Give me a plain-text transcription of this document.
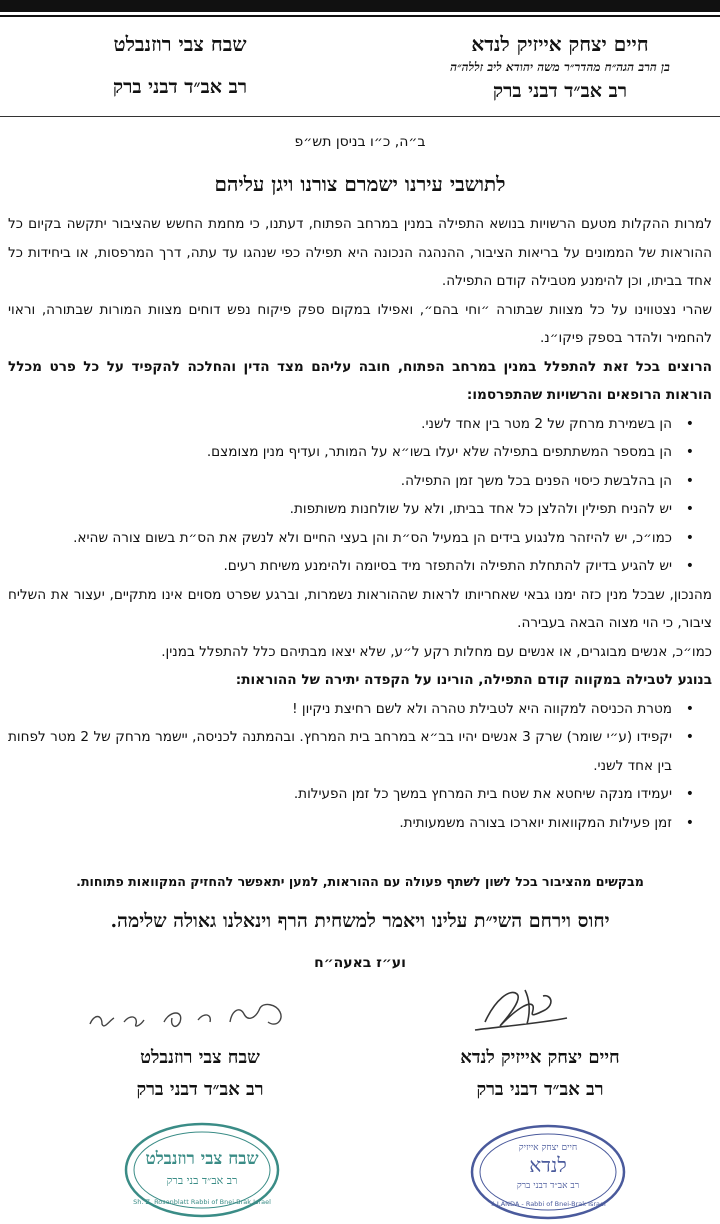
חיים יצחק אייזיק לנדא
בן הרב הגה״ח מהדר״ר משה יהודא ליב זללה״ה
רב אב״ד דבני ברק
שבח צבי רוזנבלט
רב אב״ד דבני ברק
ב״ה, כ״ו בניסן תש״פ
לתושבי עירנו ישמרם צורנו ויגן עליהם

למרות ההקלות מטעם הרשויות בנושא התפילה במנין במרחב הפתוח, דעתנו, כי מחמת החשש שהציבור יתקשה בקיום כל ההוראות של הממונים על בריאות הציבור, ההנהגה הנכונה היא תפילה כפי שנהגו עד עתה, דרך המרפסות, או ביחידות כל אחד בביתו, וכן להימנע מטבילה קודם התפילה.

שהרי נצטווינו על כל מצוות שבתורה ״וחי בהם״, ואפילו במקום ספק פיקוח נפש דוחים מצוות המורות שבתורה, וראוי להחמיר ולהדר בספק פיקו״נ.

הרוצים בכל זאת להתפלל במנין במרחב הפתוח, חובה עליהם מצד הדין והחלכה להקפיד על כל פרט מכלל הוראות הרופאים והרשויות שהתפרסמו:

• הן בשמירת מרחק של 2 מטר בין אחד לשני.
• הן במספר המשתתפים בתפילה שלא יעלו בשו״א על המותר, ועדיף מנין מצומצם.
• הן בהלבשת כיסוי הפנים בכל משך זמן התפילה.
• יש להניח תפילין ולהלצן כל אחד בביתו, ולא על שולחנות משותפות.
• כמו״כ, יש להיזהר מלנגוע בידים הן במעיל הס״ת והן בעצי החיים ולא לנשק את הס״ת בשום צורה שהיא.
• יש להגיע בדיוק להתחלת התפילה ולהתפזר מיד בסיומה ולהימנע משיחת רעים.

מהנכון, שבכל מנין כזה ימנו גבאי שאחריותו לראות שההוראות נשמרות, וברגע שפרט מסוים אינו מתקיים, יעצור את השליח ציבור, כי הוי מצוה הבאה בעבירה.

כמו״כ, אנשים מבוגרים, או אנשים עם מחלות רקע ל״ע, שלא יצאו מבתיהם כלל להתפלל במנין.

בנוגע לטבילה במקווה קודם התפילה, הורינו על הקפדה יתירה של ההוראות:

• מטרת הכניסה למקווה היא לטבילת טהרה ולא לשם רחיצת ניקיון !
• יקפידו (ע״י שומר) שרק 3 אנשים יהיו בב״א במרחב בית המרחץ. ובהמתנה לכניסה, יישמר מרחק של 2 מטר לפחות בין אחד לשני.
• יעמידו מנקה שיחטא את שטח בית המרחץ במשך כל זמן הפעילות.
• זמן פעילות המקוואות יוארכו בצורה משמעותית.
מבקשים מהציבור בכל לשון לשתף פעולה עם ההוראות, למען יתאפשר להחזיק המקוואות פתוחות.
יחוס וירחם השי״ת עלינו ויאמר למשחית הרף וינאלנו גאולה שלימה.
וע״ז באעה״ח
חיים יצחק אייזיק לנדא
רב אב״ד דבני ברק
שבח צבי רוזנבלט
רב אב״ד דבני ברק
שבח צבי רוזנבלט
רב אב״ד בני ברק
Sh. Z. Rosenblatt Rabbi of Bnei-Brak Israel
חיים יצחק אייזיק
לנדא
רב אב״ד דבני ברק
Y. LANDA - Rabbi of Bnei-Brak Israel
